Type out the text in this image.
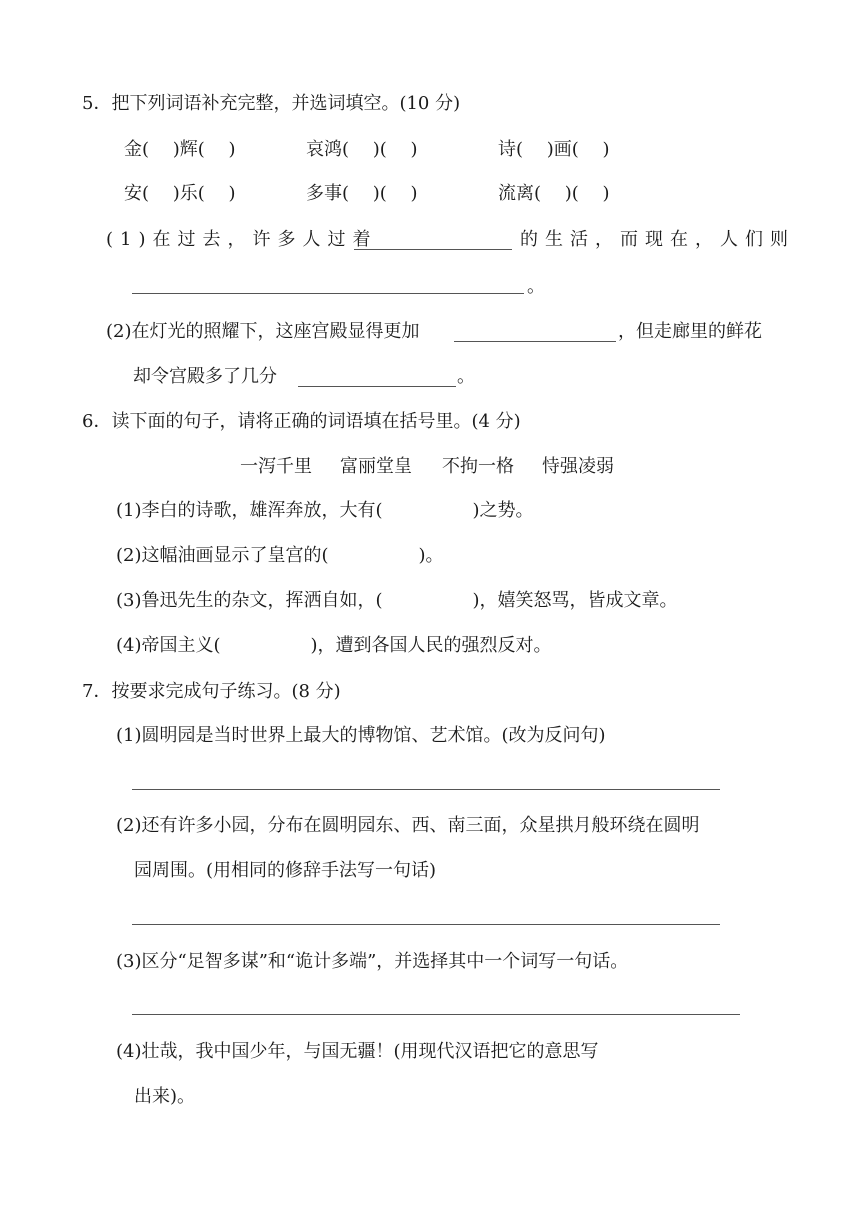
5．把下列词语补充完整，并选词填空。(10 分)
金(　 )辉(　 )	哀鸿(　 )(　 )	诗(　 )画(　 )
安(　 )乐(　 )	多事(　 )(　 )	流离(　 )(　 )
(1)在过去，许多人过着	的生活，而现在，人们则
。
(2)在灯光的照耀下，这座宫殿显得更加	，但走廊里的鲜花
却令宫殿多了几分	。
6．读下面的句子，请将正确的词语填在括号里。(4 分)
一泻千里 富丽堂皇 不拘一格 恃强凌弱
(1)李白的诗歌，雄浑奔放，大有(　　　　　)之势。
(2)这幅油画显示了皇宫的(　　　　　)。
(3)鲁迅先生的杂文，挥洒自如，(　　　　　)，嬉笑怒骂，皆成文章。
(4)帝国主义(　　　　　)，遭到各国人民的强烈反对。
7．按要求完成句子练习。(8 分)
(1)圆明园是当时世界上最大的博物馆、艺术馆。(改为反问句)
(2)还有许多小园，分布在圆明园东、西、南三面，众星拱月般环绕在圆明
园周围。(用相同的修辞手法写一句话)
(3)区分“足智多谋”和“诡计多端”，并选择其中一个词写一句话。
(4)壮哉，我中国少年，与国无疆！(用现代汉语把它的意思写
出来)。
